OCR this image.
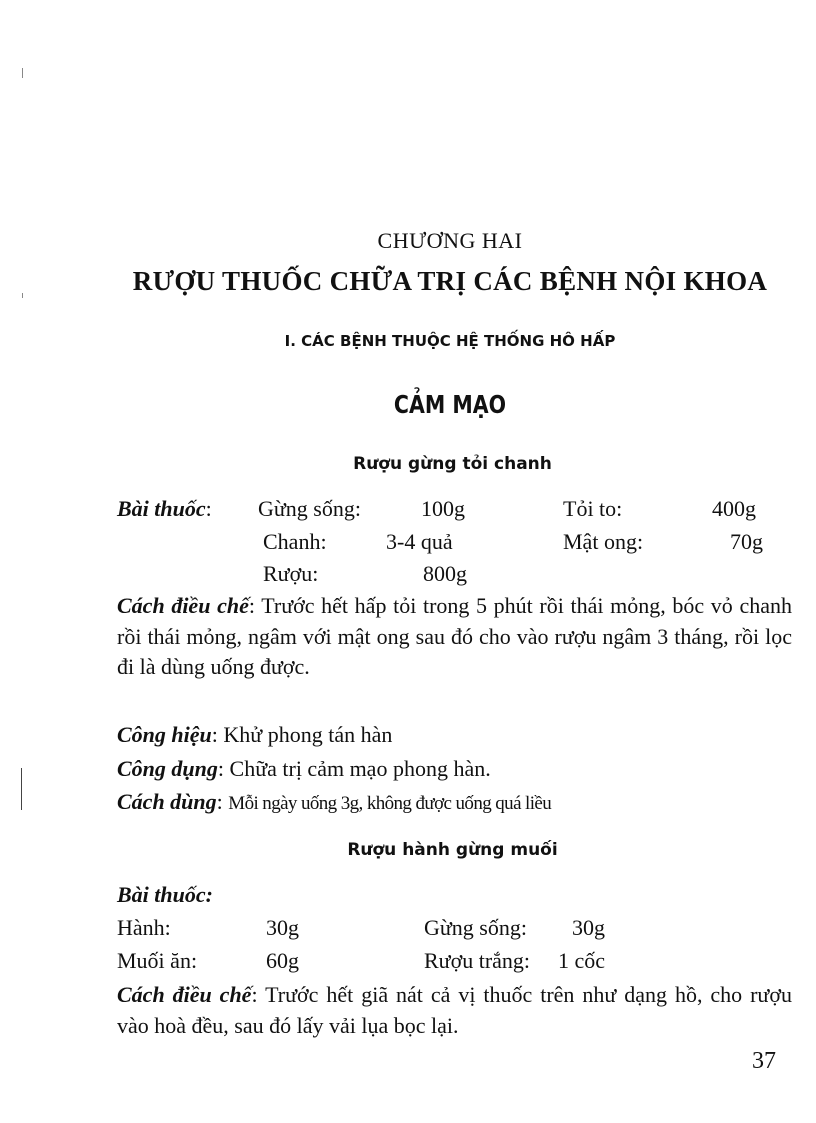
CHƯƠNG HAI
RƯỢU THUỐC CHỮA TRỊ CÁC BỆNH NỘI KHOA
I. CÁC BỆNH THUỘC HỆ THỐNG HÔ HẤP
CẢM MẠO
Rượu gừng tỏi chanh
Bài thuốc: Gừng sống:	100g	Tỏi to:	400g
Chanh:	3-4 quả	Mật ong:	70g
Rượu:	800g
Cách điều chế: Trước hết hấp tỏi trong 5 phút rồi thái mỏng, bóc vỏ chanh rồi thái mỏng, ngâm với mật ong sau đó cho vào rượu ngâm 3 tháng, rồi lọc đi là dùng uống được.
Công hiệu: Khử phong tán hàn
Công dụng: Chữa trị cảm mạo phong hàn.
Cách dùng: Mỗi ngày uống 3g, không được uống quá liều
Rượu hành gừng muối
Bài thuốc:
Hành:	30g	Gừng sống: 30g
Muối ăn:	60g	Rượu trắng: 1 cốc
Cách điều chế: Trước hết giã nát cả vị thuốc trên như dạng hồ, cho rượu vào hoà đều, sau đó lấy vải lụa bọc lại.
37
